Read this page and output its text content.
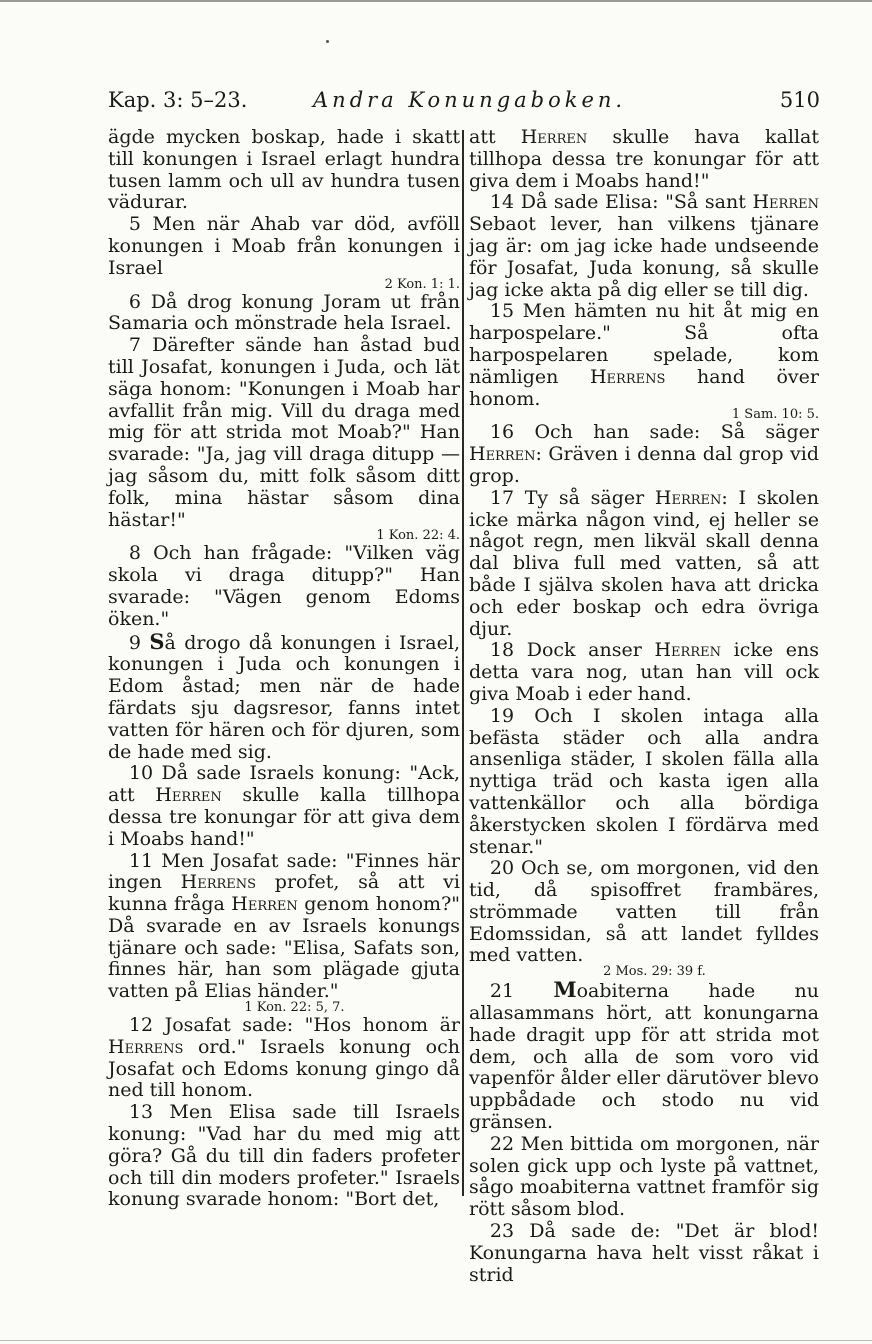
Kap. 3: 5–23.	Andra Konungaboken.	510

ägde mycken boskap, hade i skatt till konungen i Israel erlagt hundra tusen lamm och ull av hundra tusen vädurar.

5 Men när Ahab var död, avföll konungen i Moab från konungen i Israel
2 Kon. 1: 1.

6 Då drog konung Joram ut från Samaria och mönstrade hela Israel.

7 Därefter sände han åstad bud till Josafat, konungen i Juda, och lät säga honom: "Konungen i Moab har avfallit från mig. Vill du draga med mig för att strida mot Moab?" Han svarade: "Ja, jag vill draga ditupp — jag såsom du, mitt folk såsom ditt folk, mina hästar såsom dina hästar!"
1 Kon. 22: 4.

8 Och han frågade: "Vilken väg skola vi draga ditupp?" Han svarade: "Vägen genom Edoms öken."

9 Så drogo då konungen i Israel, konungen i Juda och konungen i Edom åstad; men när de hade färdats sju dagsresor, fanns intet vatten för hären och för djuren, som de hade med sig.

10 Då sade Israels konung: "Ack, att Herren skulle kalla tillhopa dessa tre konungar för att giva dem i Moabs hand!"

11 Men Josafat sade: "Finnes här ingen Herrens profet, så att vi kunna fråga Herren genom honom?" Då svarade en av Israels konungs tjänare och sade: "Elisa, Safats son, finnes här, han som plägade gjuta vatten på Elias händer."
1 Kon. 22: 5, 7.

12 Josafat sade: "Hos honom är Herrens ord." Israels konung och Josafat och Edoms konung gingo då ned till honom.

13 Men Elisa sade till Israels konung: "Vad har du med mig att göra? Gå du till din faders profeter och till din moders profeter." Israels konung svarade honom: "Bort det,

att Herren skulle hava kallat tillhopa dessa tre konungar för att giva dem i Moabs hand!"

14 Då sade Elisa: "Så sant Herren Sebaot lever, han vilkens tjänare jag är: om jag icke hade undseende för Josafat, Juda konung, så skulle jag icke akta på dig eller se till dig.

15 Men hämten nu hit åt mig en harpospelare." Så ofta harpospelaren spelade, kom nämligen Herrens hand över honom.
1 Sam. 10: 5.

16 Och han sade: Så säger Herren: Gräven i denna dal grop vid grop.

17 Ty så säger Herren: I skolen icke märka någon vind, ej heller se något regn, men likväl skall denna dal bliva full med vatten, så att både I själva skolen hava att dricka och eder boskap och edra övriga djur.

18 Dock anser Herren icke ens detta vara nog, utan han vill ock giva Moab i eder hand.

19 Och I skolen intaga alla befästa städer och alla andra ansenliga städer, I skolen fälla alla nyttiga träd och kasta igen alla vattenkällor och alla bördiga åkerstycken skolen I fördärva med stenar."

20 Och se, om morgonen, vid den tid, då spisoffret frambäres, strömmade vatten till från Edomssidan, så att landet fylldes med vatten.
2 Mos. 29: 39 f.

21 Moabiterna hade nu allasammans hört, att konungarna hade dragit upp för att strida mot dem, och alla de som voro vid vapenför ålder eller därutöver blevo uppbådade och stodo nu vid gränsen.

22 Men bittida om morgonen, när solen gick upp och lyste på vattnet, sågo moabiterna vattnet framför sig rött såsom blod.

23 Då sade de: "Det är blod! Konungarna hava helt visst råkat i strid
